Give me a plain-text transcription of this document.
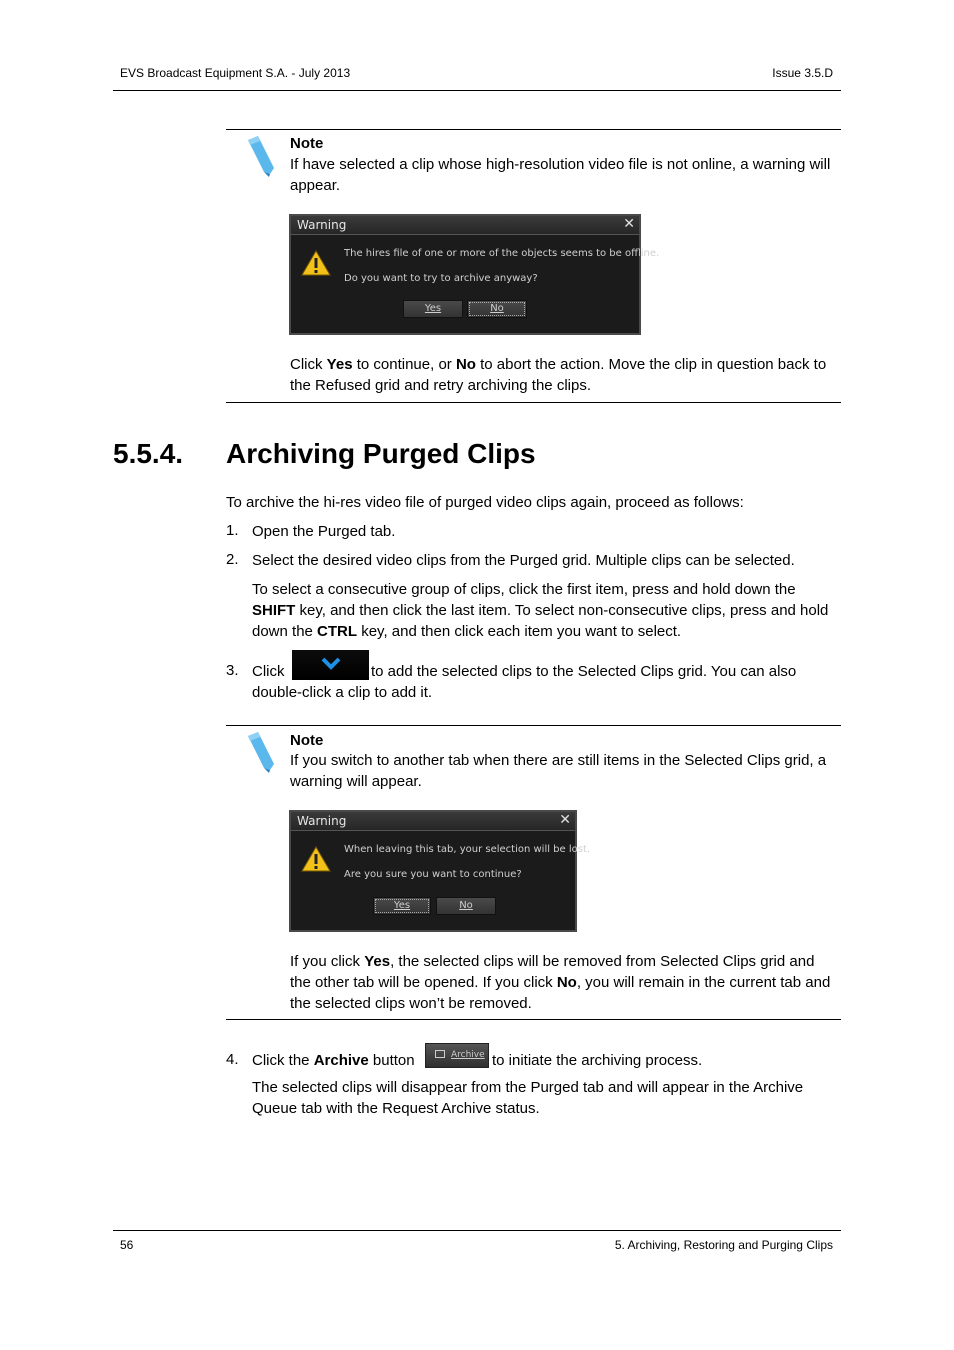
EVS Broadcast Equipment S.A. - July 2013	Issue 3.5.D
Note
If have selected a clip whose high-resolution video file is not online, a warning will appear.
Warning	✕
The hires file of one or more of the objects seems to be offline.
Do you want to try to archive anyway?
Yes	No
Click Yes to continue, or No to abort the action. Move the clip in question back to the Refused grid and retry archiving the clips.
5.5.4. Archiving Purged Clips
To archive the hi-res video file of purged video clips again, proceed as follows:
1. Open the Purged tab.
2. Select the desired video clips from the Purged grid. Multiple clips can be selected.
To select a consecutive group of clips, click the first item, press and hold down the SHIFT key, and then click the last item. To select non-consecutive clips, press and hold down the CTRL key, and then click each item you want to select.
3. Click	to add the selected clips to the Selected Clips grid. You can also double-click a clip to add it.
Note
If you switch to another tab when there are still items in the Selected Clips grid, a warning will appear.
Warning	✕
When leaving this tab, your selection will be lost.
Are you sure you want to continue?
Yes	No
If you click Yes, the selected clips will be removed from Selected Clips grid and the other tab will be opened. If you click No, you will remain in the current tab and the selected clips won’t be removed.
4. Click the Archive button	Archive to initiate the archiving process.
The selected clips will disappear from the Purged tab and will appear in the Archive Queue tab with the Request Archive status.
56	5. Archiving, Restoring and Purging Clips
